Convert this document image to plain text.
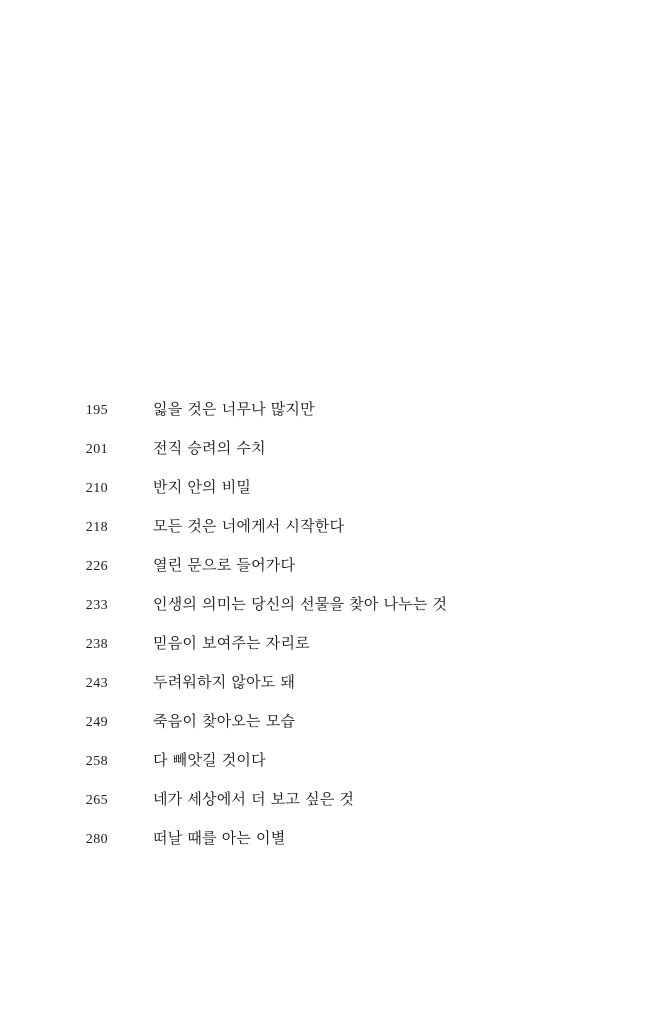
195	잃을 것은 너무나 많지만
201	전직 승려의 수치
210	반지 안의 비밀
218	모든 것은 너에게서 시작한다
226	열린 문으로 들어가다
233	인생의 의미는 당신의 선물을 찾아 나누는 것
238	믿음이 보여주는 자리로
243	두려워하지 않아도 돼
249	죽음이 찾아오는 모습
258	다 빼앗길 것이다
265	네가 세상에서 더 보고 싶은 것
280	떠날 때를 아는 이별
